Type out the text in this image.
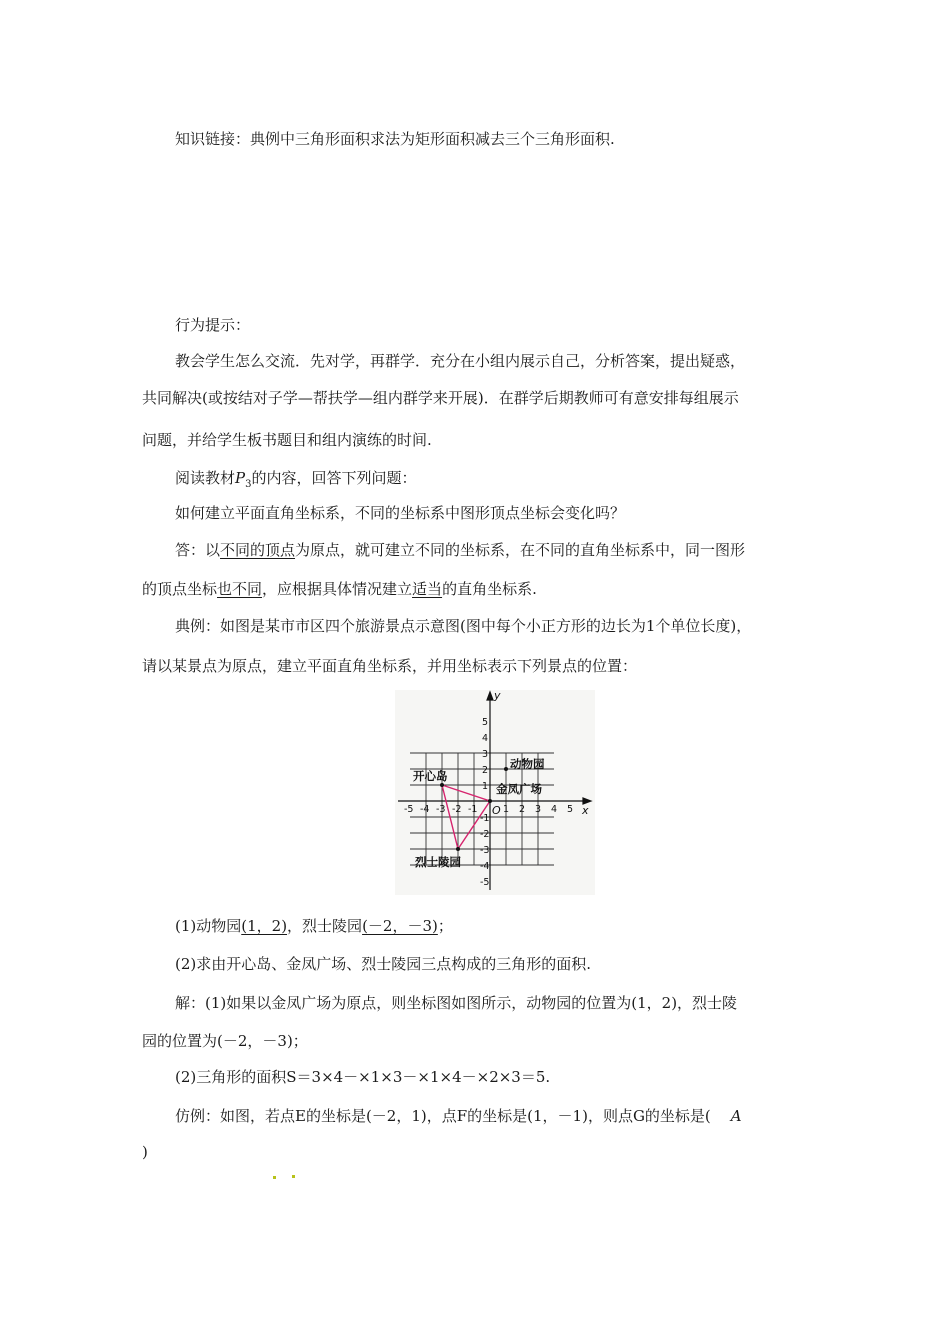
知识链接：典例中三角形面积求法为矩形面积减去三个三角形面积.
行为提示：
教会学生怎么交流．先对学，再群学．充分在小组内展示自己，分析答案，提出疑惑，
共同解决(或按结对子学—帮扶学—组内群学来开展)．在群学后期教师可有意安排每组展示
问题，并给学生板书题目和组内演练的时间.
阅读教材$P_3$的内容，回答下列问题：
如何建立平面直角坐标系，不同的坐标系中图形顶点坐标会变化吗？
答：以不同的顶点为原点，就可建立不同的坐标系，在不同的直角坐标系中，同一图形
的顶点坐标也不同，应根据具体情况建立适当的直角坐标系.
典例：如图是某市市区四个旅游景点示意图(图中每个小正方形的边长为1个单位长度)，
请以某景点为原点，建立平面直角坐标系，并用坐标表示下列景点的位置：
x
y
O
-5 -4 -3 -2 -1	1 2 3 4 5
5
4
3
2
1
-1
-2
-3
-4
-5
动物园
开心岛
金凤广场
烈士陵园
(1)动物园(1，2)，烈士陵园(－2，－3)；
(2)求由开心岛、金凤广场、烈士陵园三点构成的三角形的面积.
解：(1)如果以金凤广场为原点，则坐标图如图所示，动物园的位置为(1，2)，烈士陵
园的位置为(－2，－3)；
(2)三角形的面积S＝3×4－×1×3－×1×4－×2×3＝5.
仿例：如图，若点E的坐标是(－2，1)，点F的坐标是(1，－1)，则点G的坐标是( A
)
